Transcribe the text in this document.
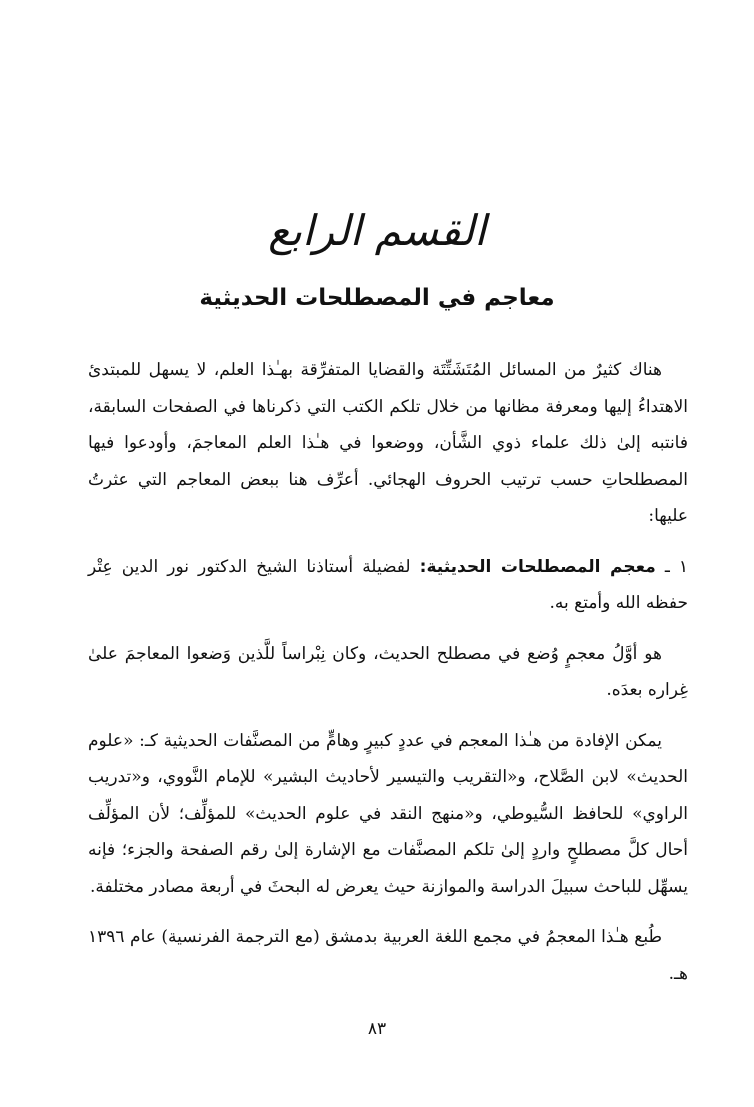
القسم الرابع
معاجم في المصطلحات الحديثية

هناك كثيرٌ من المسائل المُتَشَتِّتَة والقضايا المتفرِّقة بهـٰذا العلم، لا يسهل للمبتدئ الاهتداءُ إليها ومعرفة مظانها من خلال تلكم الكتب التي ذكرناها في الصفحات السابقة، فانتبه إلىٰ ذلك علماء ذوي الشَّأن، ووضعوا في هـٰذا العلم المعاجمَ، وأودعوا فيها المصطلحاتِ حسب ترتيب الحروف الهجائي. أعرِّف هنا ببعض المعاجم التي عثرتُ عليها:

١ ـ معجم المصطلحات الحديثية: لفضيلة أستاذنا الشيخ الدكتور نور الدين عِتْر حفظه الله وأمتع به.

هو أوَّلُ معجمٍ وُضع في مصطلح الحديث، وكان نِبْراساً للَّذين وَضعوا المعاجمَ علىٰ غِراره بعدَه.

يمكن الإفادة من هـٰذا المعجم في عددٍ كبيرٍ وهامٍّ من المصنَّفات الحديثية كـ: «علوم الحديث» لابن الصَّلاح، و«التقريب والتيسير لأحاديث البشير» للإمام النَّووي، و«تدريب الراوي» للحافظ السُّيوطي، و«منهج النقد في علوم الحديث» للمؤلِّف؛ لأن المؤلِّف أحال كلَّ مصطلحٍ واردٍ إلىٰ تلكم المصنَّفات مع الإشارة إلىٰ رقم الصفحة والجزء؛ فإنه يسهِّل للباحث سبيلَ الدراسة والموازنة حيث يعرض له البحثَ في أربعة مصادر مختلفة.

طُبع هـٰذا المعجمُ في مجمع اللغة العربية بدمشق (مع الترجمة الفرنسية) عام ١٣٩٦ هـ.

٨٣
